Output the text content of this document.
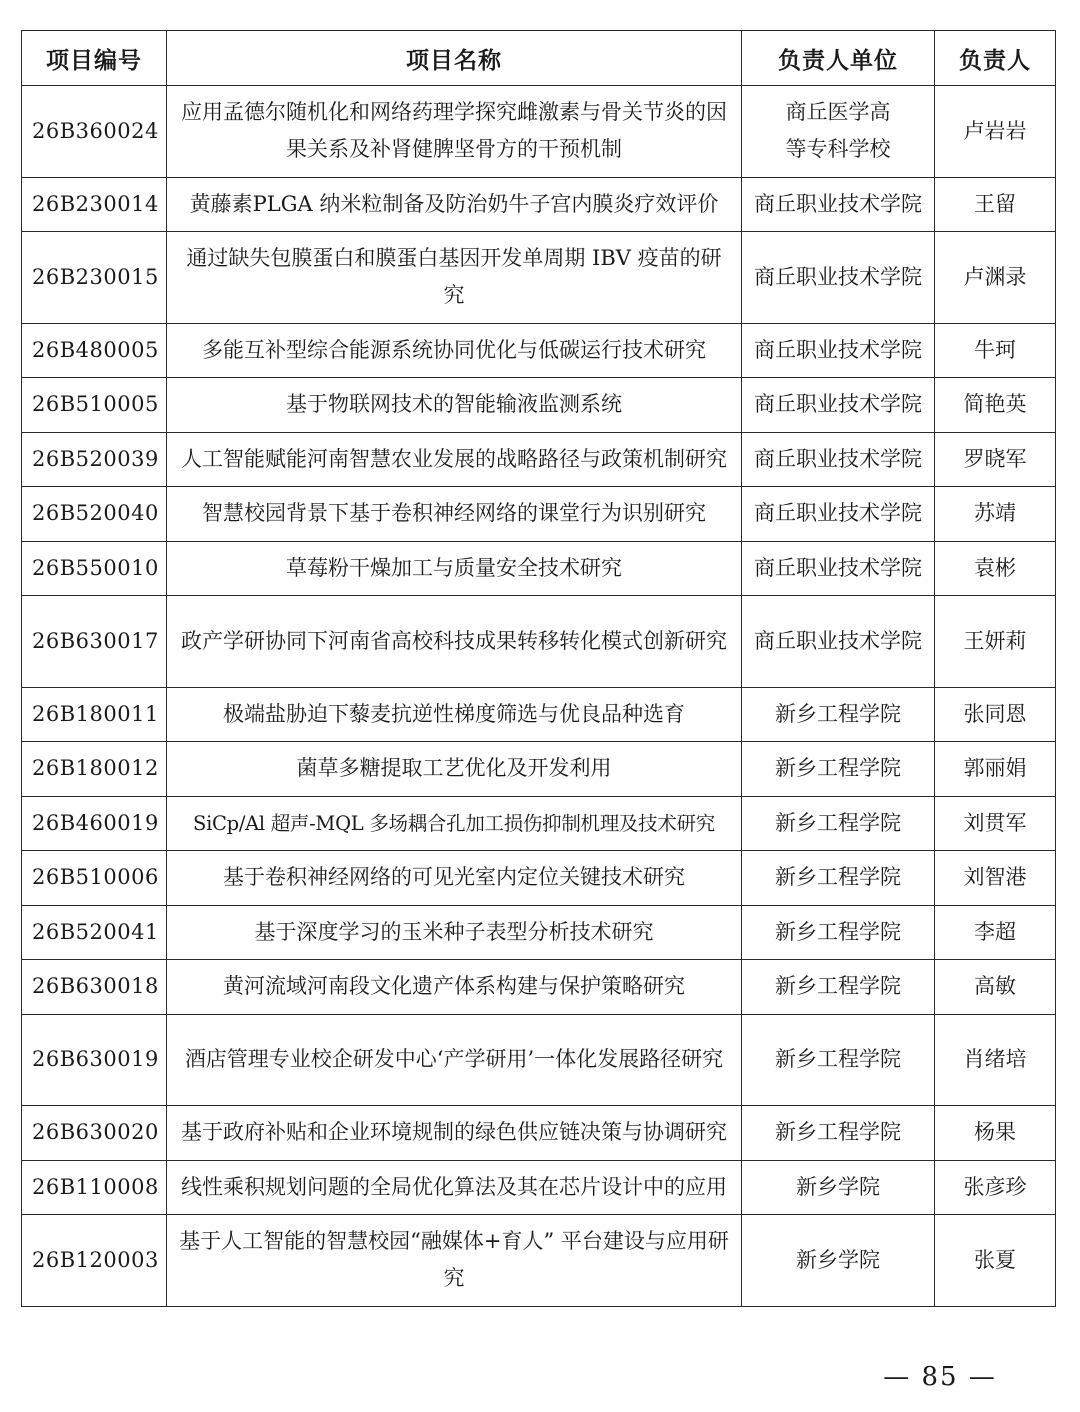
项目编号	项目名称	负责人单位	负责人
26B360024	应用孟德尔随机化和网络药理学探究雌激素与骨关节炎的因果关系及补肾健脾坚骨方的干预机制	商丘医学高等专科学校	卢岩岩
26B230014	黄藤素PLGA 纳米粒制备及防治奶牛子宫内膜炎疗效评价	商丘职业技术学院	王留
26B230015	通过缺失包膜蛋白和膜蛋白基因开发单周期 IBV 疫苗的研究	商丘职业技术学院	卢渊录
26B480005	多能互补型综合能源系统协同优化与低碳运行技术研究	商丘职业技术学院	牛珂
26B510005	基于物联网技术的智能输液监测系统	商丘职业技术学院	简艳英
26B520039	人工智能赋能河南智慧农业发展的战略路径与政策机制研究	商丘职业技术学院	罗晓军
26B520040	智慧校园背景下基于卷积神经网络的课堂行为识别研究	商丘职业技术学院	苏靖
26B550010	草莓粉干燥加工与质量安全技术研究	商丘职业技术学院	袁彬
26B630017	政产学研协同下河南省高校科技成果转移转化模式创新研究	商丘职业技术学院	王妍莉
26B180011	极端盐胁迫下藜麦抗逆性梯度筛选与优良品种选育	新乡工程学院	张同恩
26B180012	菌草多糖提取工艺优化及开发利用	新乡工程学院	郭丽娟
26B460019	SiCp/Al 超声-MQL 多场耦合孔加工损伤抑制机理及技术研究	新乡工程学院	刘贯军
26B510006	基于卷积神经网络的可见光室内定位关键技术研究	新乡工程学院	刘智港
26B520041	基于深度学习的玉米种子表型分析技术研究	新乡工程学院	李超
26B630018	黄河流域河南段文化遗产体系构建与保护策略研究	新乡工程学院	高敏
26B630019	酒店管理专业校企研发中心‘产学研用’一体化发展路径研究	新乡工程学院	肖绪培
26B630020	基于政府补贴和企业环境规制的绿色供应链决策与协调研究	新乡工程学院	杨果
26B110008	线性乘积规划问题的全局优化算法及其在芯片设计中的应用	新乡学院	张彦珍
26B120003	基于人工智能的智慧校园“融媒体+育人” 平台建设与应用研究	新乡学院	张夏
— 85 —
